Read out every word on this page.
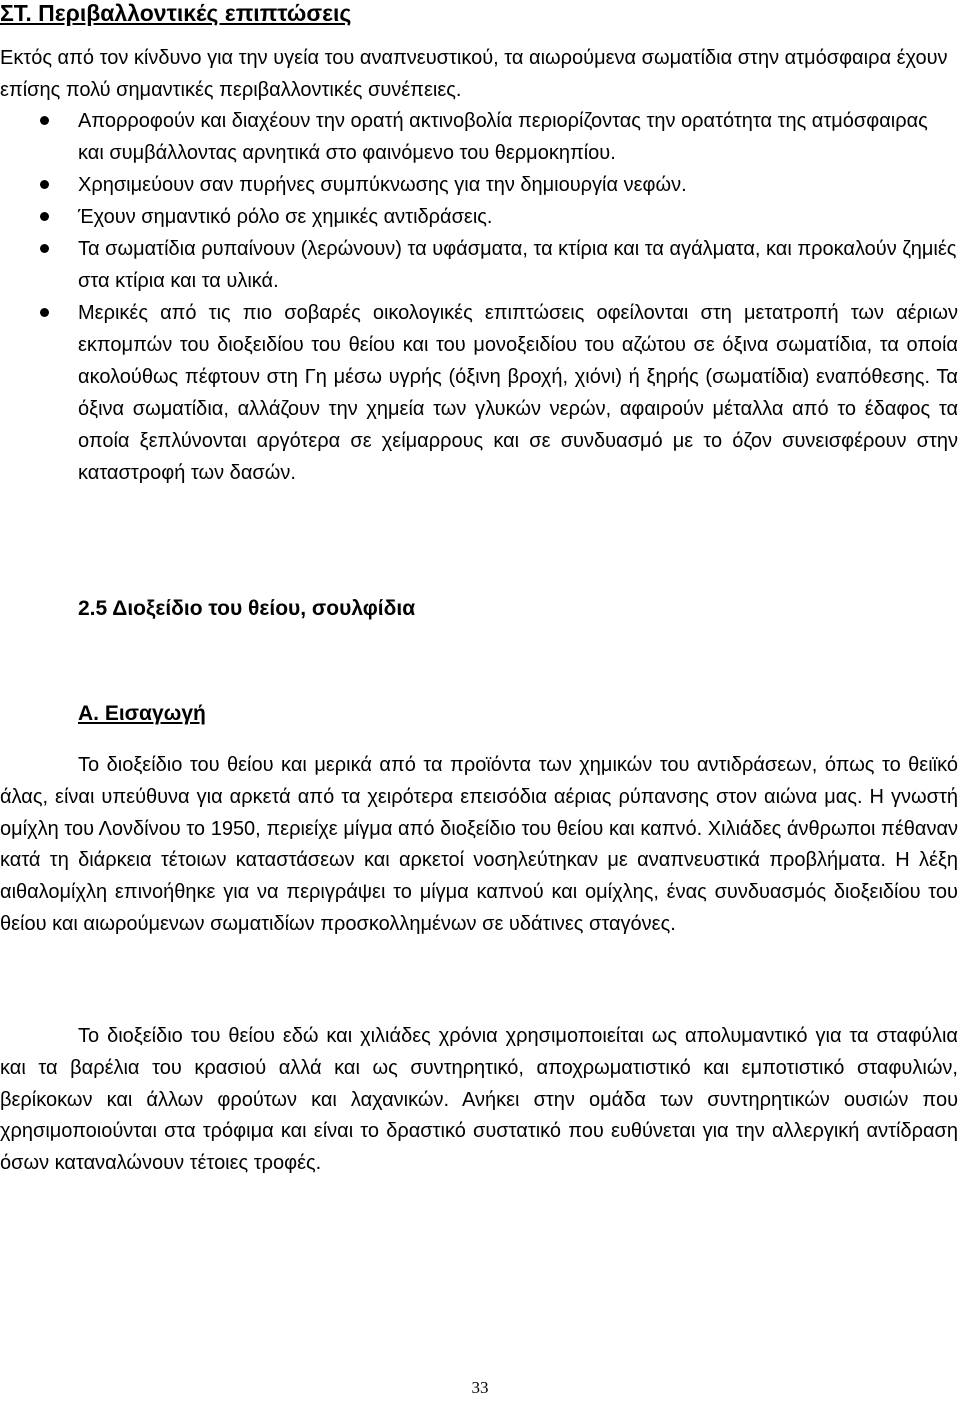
ΣΤ. Περιβαλλοντικές επιπτώσεις
Εκτός από τον κίνδυνο για την υγεία του αναπνευστικού, τα αιωρούμενα σωματίδια στην ατμόσφαιρα έχουν επίσης πολύ σημαντικές περιβαλλοντικές συνέπειες.
Απορροφούν και διαχέουν την ορατή ακτινοβολία περιορίζοντας την ορατότητα της ατμόσφαιρας και συμβάλλοντας αρνητικά στο φαινόμενο του θερμοκηπίου.
Χρησιμεύουν σαν πυρήνες συμπύκνωσης για την δημιουργία νεφών.
Έχουν σημαντικό ρόλο σε χημικές αντιδράσεις.
Τα σωματίδια ρυπαίνουν (λερώνουν) τα υφάσματα, τα κτίρια και τα αγάλματα, και προκαλούν ζημιές στα κτίρια και τα υλικά.
Μερικές από τις πιο σοβαρές οικολογικές επιπτώσεις οφείλονται στη μετατροπή των αέριων εκπομπών του διοξειδίου του θείου και του μονοξειδίου του αζώτου σε όξινα σωματίδια, τα οποία ακολούθως πέφτουν στη Γη μέσω υγρής (όξινη βροχή, χιόνι) ή ξηρής (σωματίδια) εναπόθεσης. Τα όξινα σωματίδια, αλλάζουν την χημεία των γλυκών νερών, αφαιρούν μέταλλα από το έδαφος τα οποία ξεπλύνονται αργότερα σε χείμαρρους και σε συνδυασμό με το όζον συνεισφέρουν στην καταστροφή των δασών.
2.5 Διοξείδιο του θείου, σουλφίδια
Α. Εισαγωγή

Το διοξείδιο του θείου και μερικά από τα προϊόντα των χημικών του αντιδράσεων, όπως το θειϊκό άλας, είναι υπεύθυνα για αρκετά από τα χειρότερα επεισόδια αέριας ρύπανσης στον αιώνα μας. Η γνωστή ομίχλη του Λονδίνου το 1950, περιείχε μίγμα από διοξείδιο του θείου και καπνό. Χιλιάδες άνθρωποι πέθαναν κατά τη διάρκεια τέτοιων καταστάσεων και αρκετοί νοσηλεύτηκαν με αναπνευστικά προβλήματα. Η λέξη αιθαλομίχλη επινοήθηκε για να περιγράψει το μίγμα καπνού και ομίχλης, ένας συνδυασμός διοξειδίου του θείου και αιωρούμενων σωματιδίων προσκολλημένων σε υδάτινες σταγόνες.

Το διοξείδιο του θείου εδώ και χιλιάδες χρόνια χρησιμοποιείται ως απολυμαντικό για τα σταφύλια και τα βαρέλια του κρασιού αλλά και ως συντηρητικό, αποχρωματιστικό και εμποτιστικό σταφυλιών, βερίκοκων και άλλων φρούτων και λαχανικών. Ανήκει στην ομάδα των συντηρητικών ουσιών που χρησιμοποιούνται στα τρόφιμα και είναι το δραστικό συστατικό που ευθύνεται για την αλλεργική αντίδραση όσων καταναλώνουν τέτοιες τροφές.

33
